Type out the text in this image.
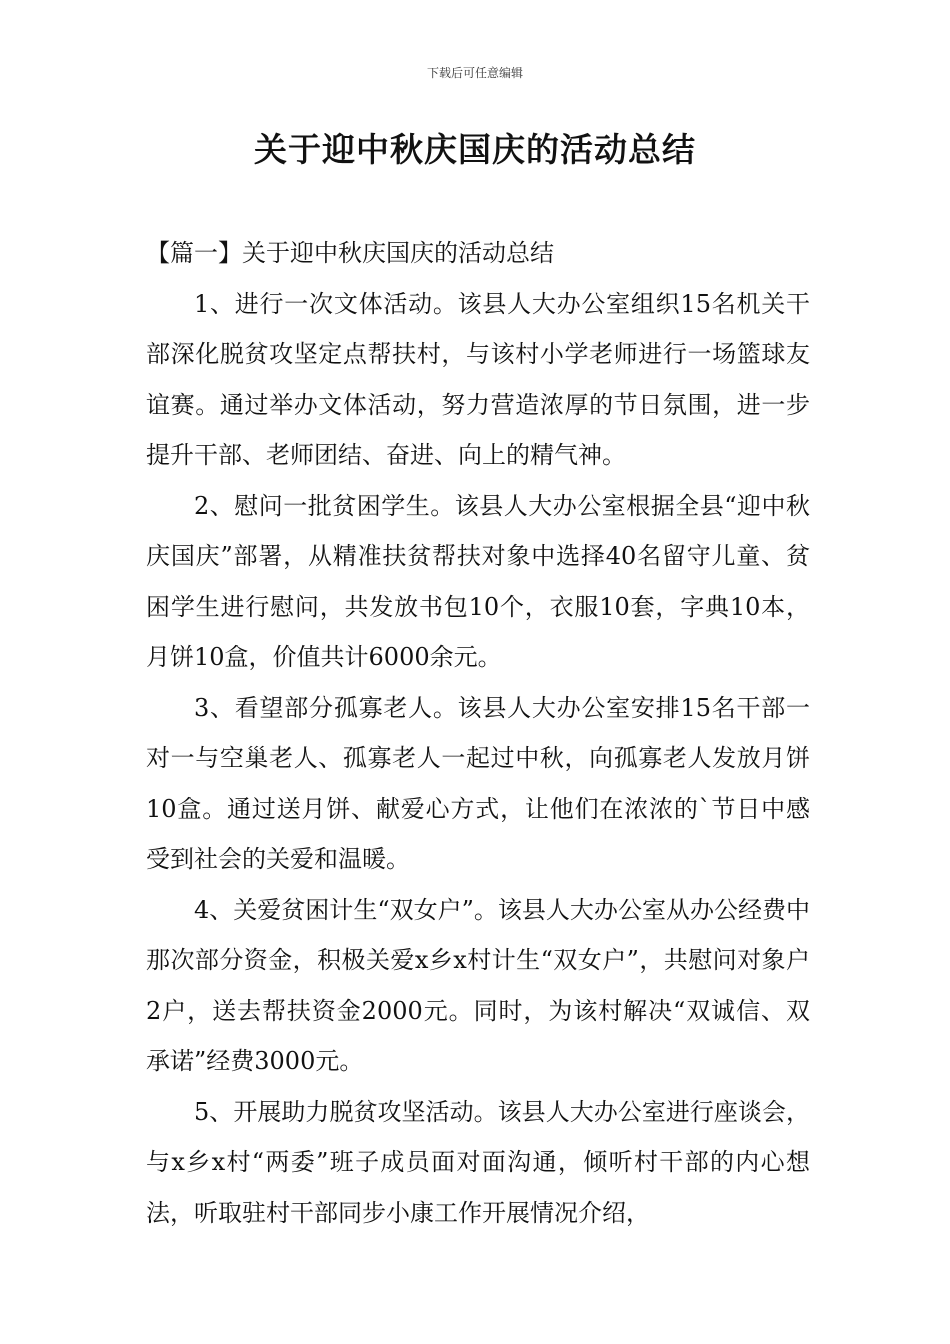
下载后可任意编辑
关于迎中秋庆国庆的活动总结

【篇一】关于迎中秋庆国庆的活动总结

1、进行一次文体活动。该县人大办公室组织15名机关干部深化脱贫攻坚定点帮扶村，与该村小学老师进行一场篮球友谊赛。通过举办文体活动，努力营造浓厚的节日氛围，进一步提升干部、老师团结、奋进、向上的精气神。

2、慰问一批贫困学生。该县人大办公室根据全县“迎中秋庆国庆”部署，从精准扶贫帮扶对象中选择40名留守儿童、贫困学生进行慰问，共发放书包10个，衣服10套，字典10本，月饼10盒，价值共计6000余元。

3、看望部分孤寡老人。该县人大办公室安排15名干部一对一与空巢老人、孤寡老人一起过中秋，向孤寡老人发放月饼10盒。通过送月饼、献爱心方式，让他们在浓浓的`节日中感受到社会的关爱和温暖。

4、关爱贫困计生“双女户”。该县人大办公室从办公经费中那次部分资金，积极关爱x乡x村计生“双女户”，共慰问对象户2户，送去帮扶资金2000元。同时，为该村解决“双诚信、双承诺”经费3000元。

5、开展助力脱贫攻坚活动。该县人大办公室进行座谈会，与x乡x村“两委”班子成员面对面沟通，倾听村干部的内心想法，听取驻村干部同步小康工作开展情况介绍，
